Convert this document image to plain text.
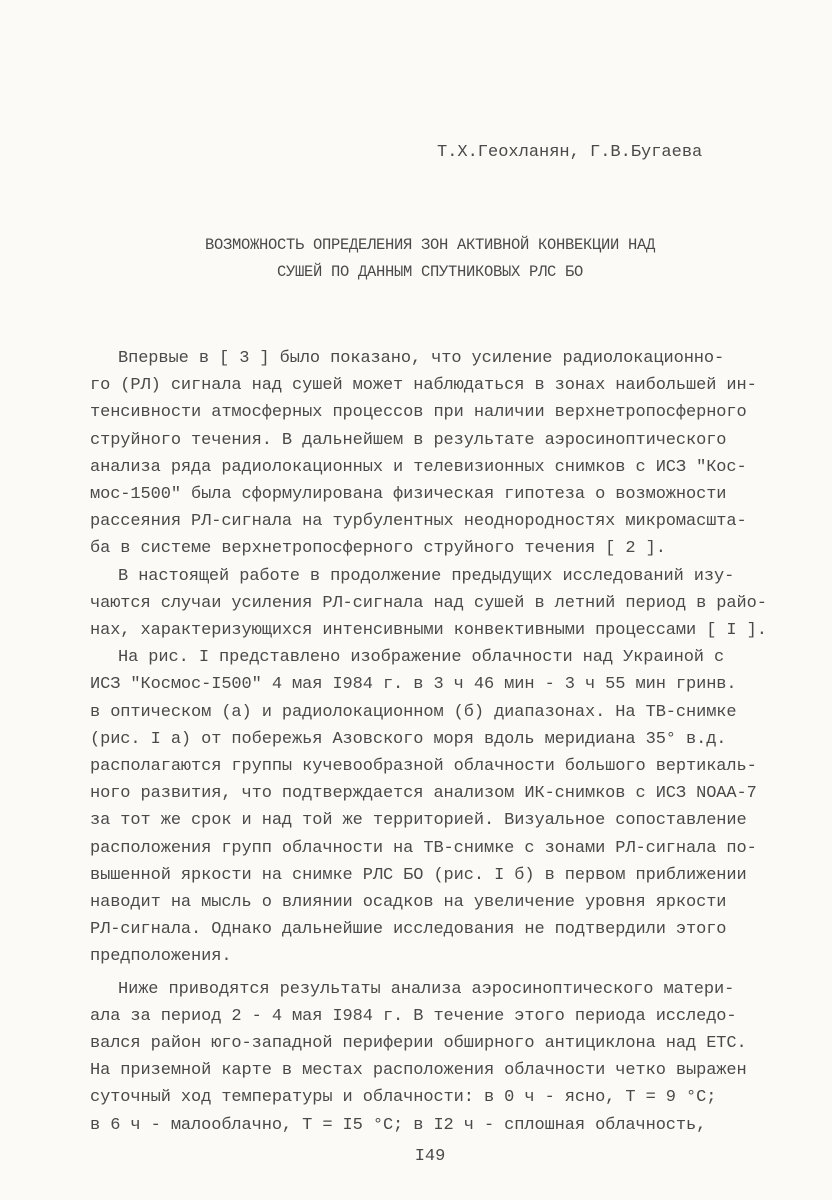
Т.Х.Геохланян, Г.В.Бугаева
ВОЗМОЖНОСТЬ ОПРЕДЕЛЕНИЯ ЗОН АКТИВНОЙ КОНВЕКЦИИ НАД
СУШЕЙ ПО ДАННЫМ СПУТНИКОВЫХ РЛС БО
Впервые в [ 3 ] было показано, что усиление радиолокационно-
го (РЛ) сигнала над сушей может наблюдаться в зонах наибольшей ин-
тенсивности атмосферных процессов при наличии верхнетропосферного
струйного течения. В дальнейшем в результате аэросиноптического
анализа ряда радиолокационных и телевизионных снимков с ИСЗ "Кос-
мос-1500" была сформулирована физическая гипотеза о возможности
рассеяния РЛ-сигнала на турбулентных неоднородностях микромасшта-
ба в системе верхнетропосферного струйного течения [ 2 ].
В настоящей работе в продолжение предыдущих исследований изу-
чаются случаи усиления РЛ-сигнала над сушей в летний период в райо-
нах, характеризующихся интенсивными конвективными процессами [ I ].
На рис. I представлено изображение облачности над Украиной с
ИСЗ "Космос-I500" 4 мая I984 г. в 3 ч 46 мин - 3 ч 55 мин гринв.
в оптическом (а) и радиолокационном (б) диапазонах. На ТВ-снимке
(рис. I а) от побережья Азовского моря вдоль меридиана 35° в.д.
располагаются группы кучевообразной облачности большого вертикаль-
ного развития, что подтверждается анализом ИК-снимков с ИСЗ NOAA-7
за тот же срок и над той же территорией. Визуальное сопоставление
расположения групп облачности на ТВ-снимке с зонами РЛ-сигнала по-
вышенной яркости на снимке РЛС БО (рис. I б) в первом приближении
наводит на мысль о влиянии осадков на увеличение уровня яркости
РЛ-сигнала. Однако дальнейшие исследования не подтвердили этого
предположения.
Ниже приводятся результаты анализа аэросиноптического матери-
ала за период 2 - 4 мая I984 г. В течение этого периода исследо-
вался район юго-западной периферии обширного антициклона над ЕТС.
На приземной карте в местах расположения облачности четко выражен
суточный ход температуры и облачности: в 0 ч - ясно, Т = 9 °С;
в 6 ч - малооблачно, Т = I5 °С; в I2 ч - сплошная облачность,
I49
